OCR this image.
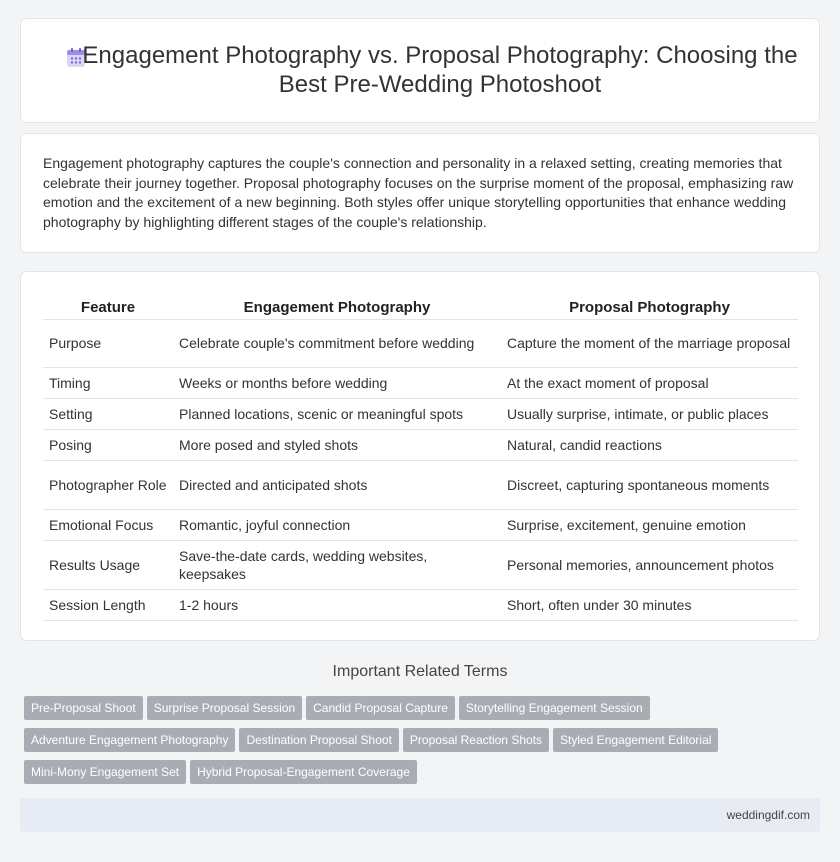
Engagement Photography vs. Proposal Photography: Choosing the Best Pre-Wedding Photoshoot

Engagement photography captures the couple's connection and personality in a relaxed setting, creating memories that celebrate their journey together. Proposal photography focuses on the surprise moment of the proposal, emphasizing raw emotion and the excitement of a new beginning. Both styles offer unique storytelling opportunities that enhance wedding photography by highlighting different stages of the couple's relationship.

Feature	Engagement Photography	Proposal Photography
Purpose	Celebrate couple's commitment before wedding	Capture the moment of the marriage proposal
Timing	Weeks or months before wedding	At the exact moment of proposal
Setting	Planned locations, scenic or meaningful spots	Usually surprise, intimate, or public places
Posing	More posed and styled shots	Natural, candid reactions
Photographer Role	Directed and anticipated shots	Discreet, capturing spontaneous moments
Emotional Focus	Romantic, joyful connection	Surprise, excitement, genuine emotion
Results Usage	Save-the-date cards, wedding websites, keepsakes	Personal memories, announcement photos
Session Length	1-2 hours	Short, often under 30 minutes
Important Related Terms
Pre-Proposal Shoot Surprise Proposal Session Candid Proposal Capture Storytelling Engagement Session
Adventure Engagement Photography Destination Proposal Shoot Proposal Reaction Shots Styled Engagement Editorial
Mini-Mony Engagement Set Hybrid Proposal-Engagement Coverage
weddingdif.com
